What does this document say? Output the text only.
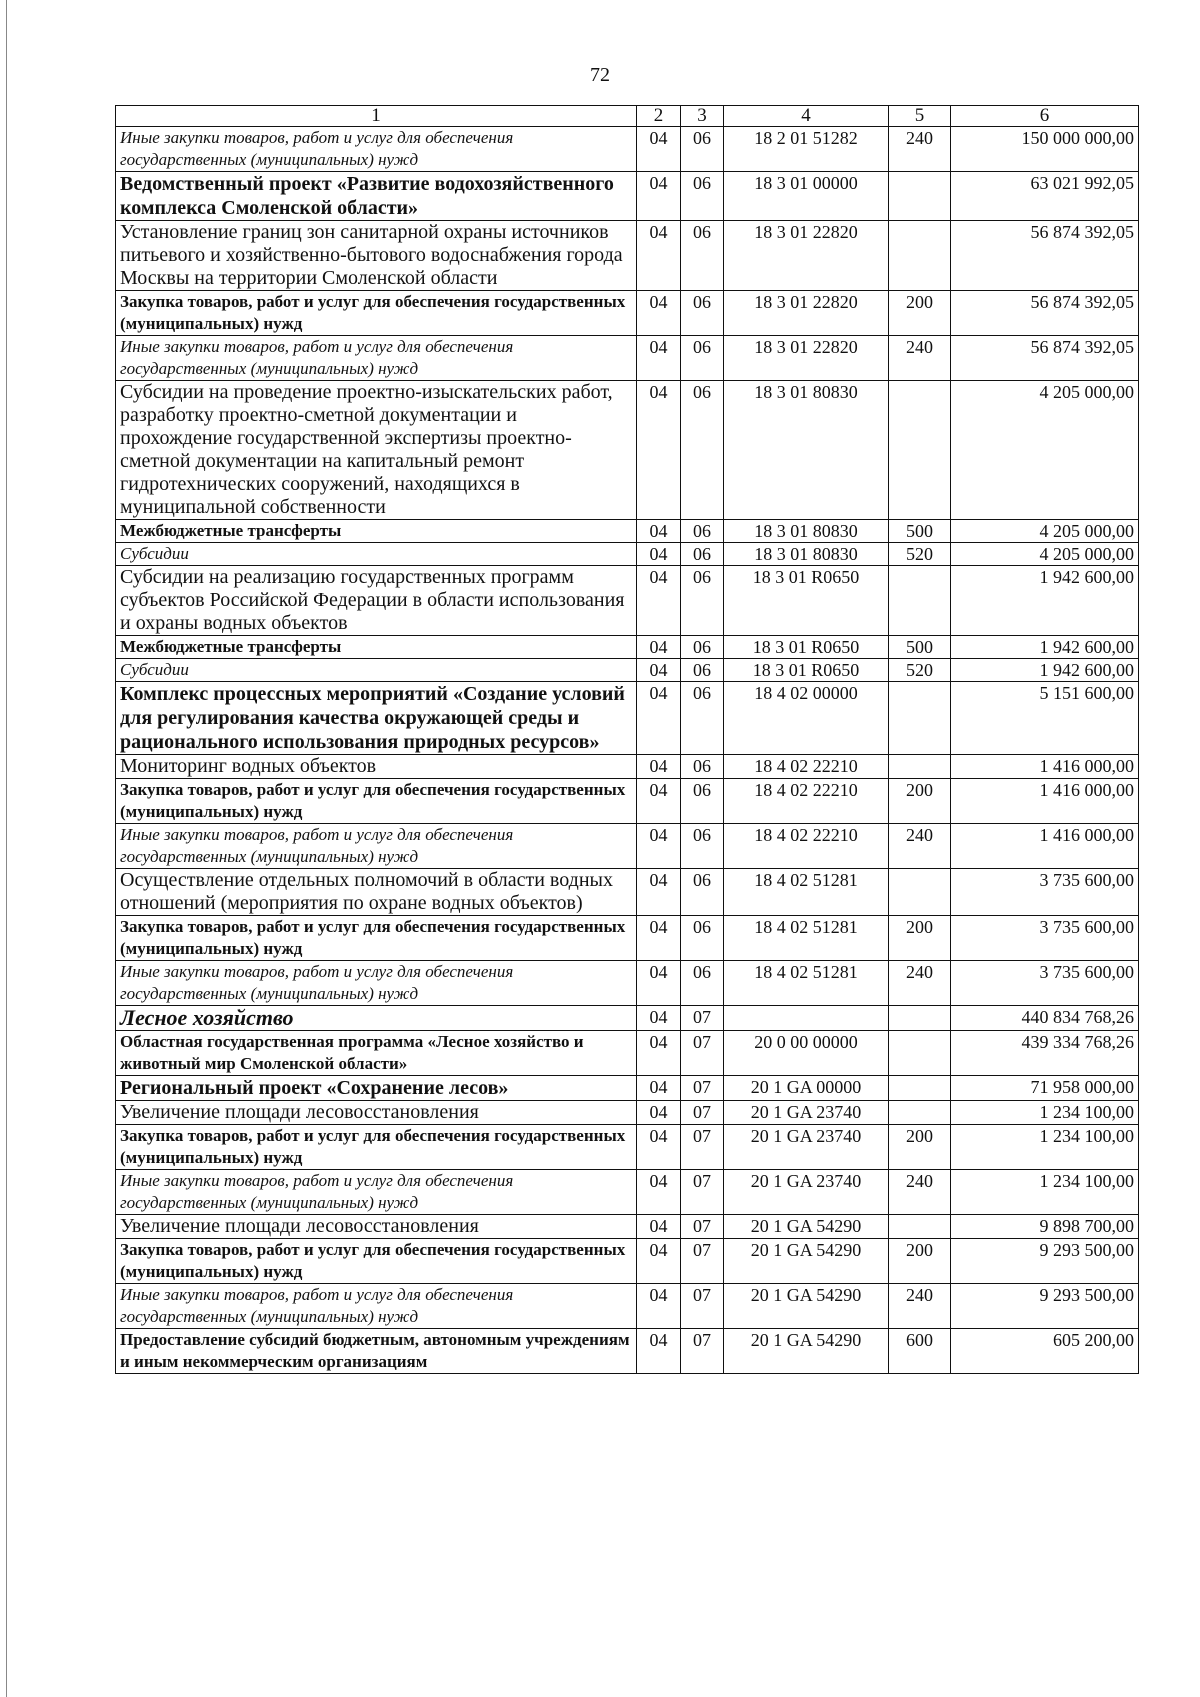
72
1	2	3	4	5	6
Иные закупки товаров, работ и услуг для обеспечения государственных (муниципальных) нужд	04	06	18 2 01 51282	240	150 000 000,00
Ведомственный проект «Развитие водохозяйственного комплекса Смоленской области»	04	06	18 3 01 00000		63 021 992,05
Установление границ зон санитарной охраны источников питьевого и хозяйственно-бытового водоснабжения города Москвы на территории Смоленской области	04	06	18 3 01 22820		56 874 392,05
Закупка товаров, работ и услуг для обеспечения государственных (муниципальных) нужд	04	06	18 3 01 22820	200	56 874 392,05
Иные закупки товаров, работ и услуг для обеспечения государственных (муниципальных) нужд	04	06	18 3 01 22820	240	56 874 392,05
Субсидии на проведение проектно-изыскательских работ, разработку проектно-сметной документации и прохождение государственной экспертизы проектно-сметной документации на капитальный ремонт гидротехнических сооружений, находящихся в муниципальной собственности	04	06	18 3 01 80830		4 205 000,00
Межбюджетные трансферты	04	06	18 3 01 80830	500	4 205 000,00
Субсидии	04	06	18 3 01 80830	520	4 205 000,00
Субсидии на реализацию государственных программ субъектов Российской Федерации в области использования и охраны водных объектов	04	06	18 3 01 R0650		1 942 600,00
Межбюджетные трансферты	04	06	18 3 01 R0650	500	1 942 600,00
Субсидии	04	06	18 3 01 R0650	520	1 942 600,00
Комплекс процессных мероприятий «Создание условий для регулирования качества окружающей среды и рационального использования природных ресурсов»	04	06	18 4 02 00000		5 151 600,00
Мониторинг водных объектов	04	06	18 4 02 22210		1 416 000,00
Закупка товаров, работ и услуг для обеспечения государственных (муниципальных) нужд	04	06	18 4 02 22210	200	1 416 000,00
Иные закупки товаров, работ и услуг для обеспечения государственных (муниципальных) нужд	04	06	18 4 02 22210	240	1 416 000,00
Осуществление отдельных полномочий в области водных отношений (мероприятия по охране водных объектов)	04	06	18 4 02 51281		3 735 600,00
Закупка товаров, работ и услуг для обеспечения государственных (муниципальных) нужд	04	06	18 4 02 51281	200	3 735 600,00
Иные закупки товаров, работ и услуг для обеспечения государственных (муниципальных) нужд	04	06	18 4 02 51281	240	3 735 600,00
Лесное хозяйство	04	07			440 834 768,26
Областная государственная программа «Лесное хозяйство и животный мир Смоленской области»	04	07	20 0 00 00000		439 334 768,26
Региональный проект «Сохранение лесов»	04	07	20 1 GA 00000		71 958 000,00
Увеличение площади лесовосстановления	04	07	20 1 GA 23740		1 234 100,00
Закупка товаров, работ и услуг для обеспечения государственных (муниципальных) нужд	04	07	20 1 GA 23740	200	1 234 100,00
Иные закупки товаров, работ и услуг для обеспечения государственных (муниципальных) нужд	04	07	20 1 GA 23740	240	1 234 100,00
Увеличение площади лесовосстановления	04	07	20 1 GA 54290		9 898 700,00
Закупка товаров, работ и услуг для обеспечения государственных (муниципальных) нужд	04	07	20 1 GA 54290	200	9 293 500,00
Иные закупки товаров, работ и услуг для обеспечения государственных (муниципальных) нужд	04	07	20 1 GA 54290	240	9 293 500,00
Предоставление субсидий бюджетным, автономным учреждениям и иным некоммерческим организациям	04	07	20 1 GA 54290	600	605 200,00
